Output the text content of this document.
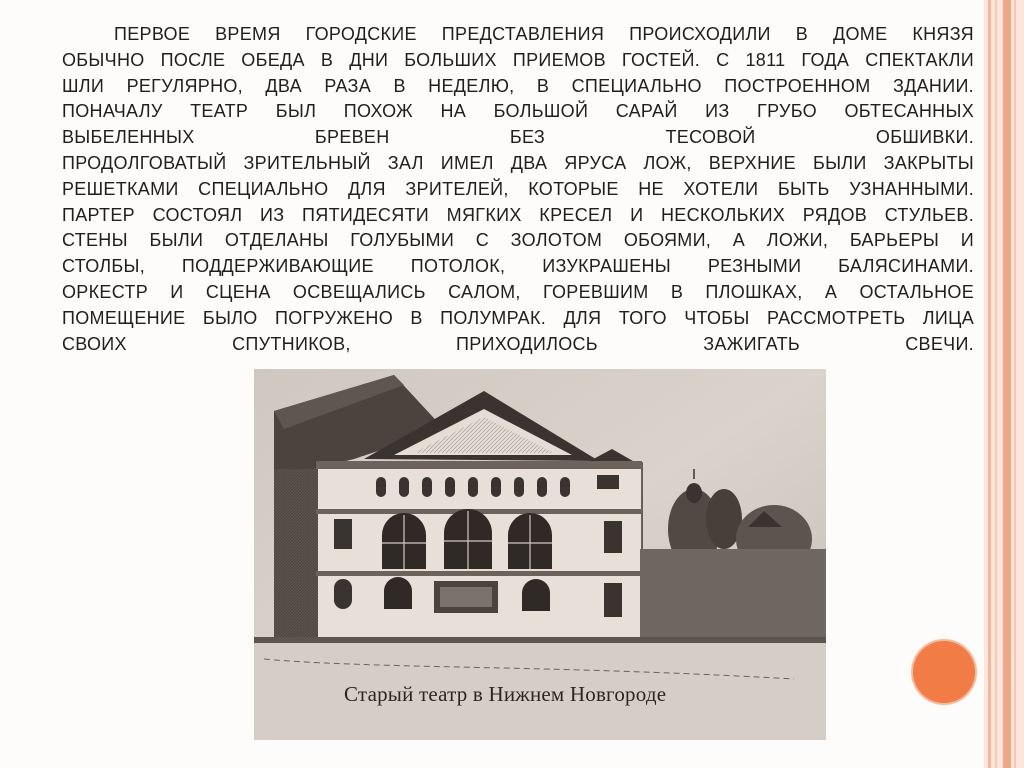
ПЕРВОЕ ВРЕМЯ ГОРОДСКИЕ ПРЕДСТАВЛЕНИЯ ПРОИСХОДИЛИ В ДОМЕ КНЯЗЯ
ОБЫЧНО ПОСЛЕ ОБЕДА В ДНИ БОЛЬШИХ ПРИЕМОВ ГОСТЕЙ. С 1811 ГОДА СПЕКТАКЛИ
ШЛИ РЕГУЛЯРНО, ДВА РАЗА В НЕДЕЛЮ, В СПЕЦИАЛЬНО ПОСТРОЕННОМ ЗДАНИИ.
ПОНАЧАЛУ ТЕАТР БЫЛ ПОХОЖ НА БОЛЬШОЙ САРАЙ ИЗ ГРУБО ОБТЕСАННЫХ
ВЫБЕЛЕННЫХ БРЕВЕН БЕЗ ТЕСОВОЙ ОБШИВКИ.
ПРОДОЛГОВАТЫЙ ЗРИТЕЛЬНЫЙ ЗАЛ ИМЕЛ ДВА ЯРУСА ЛОЖ, ВЕРХНИЕ БЫЛИ ЗАКРЫТЫ
РЕШЕТКАМИ СПЕЦИАЛЬНО ДЛЯ ЗРИТЕЛЕЙ, КОТОРЫЕ НЕ ХОТЕЛИ БЫТЬ УЗНАННЫМИ.
ПАРТЕР СОСТОЯЛ ИЗ ПЯТИДЕСЯТИ МЯГКИХ КРЕСЕЛ И НЕСКОЛЬКИХ РЯДОВ СТУЛЬЕВ.
СТЕНЫ БЫЛИ ОТДЕЛАНЫ ГОЛУБЫМИ С ЗОЛОТОМ ОБОЯМИ, А ЛОЖИ, БАРЬЕРЫ И
СТОЛБЫ, ПОДДЕРЖИВАЮЩИЕ ПОТОЛОК, ИЗУКРАШЕНЫ РЕЗНЫМИ БАЛЯСИНАМИ.
ОРКЕСТР И СЦЕНА ОСВЕЩАЛИСЬ САЛОМ, ГОРЕВШИМ В ПЛОШКАХ, А ОСТАЛЬНОЕ
ПОМЕЩЕНИЕ БЫЛО ПОГРУЖЕНО В ПОЛУМРАК. ДЛЯ ТОГО ЧТОБЫ РАССМОТРЕТЬ ЛИЦА
СВОИХ СПУТНИКОВ, ПРИХОДИЛОСЬ ЗАЖИГАТЬ СВЕЧИ.
Старый театр в Нижнем Новгороде
